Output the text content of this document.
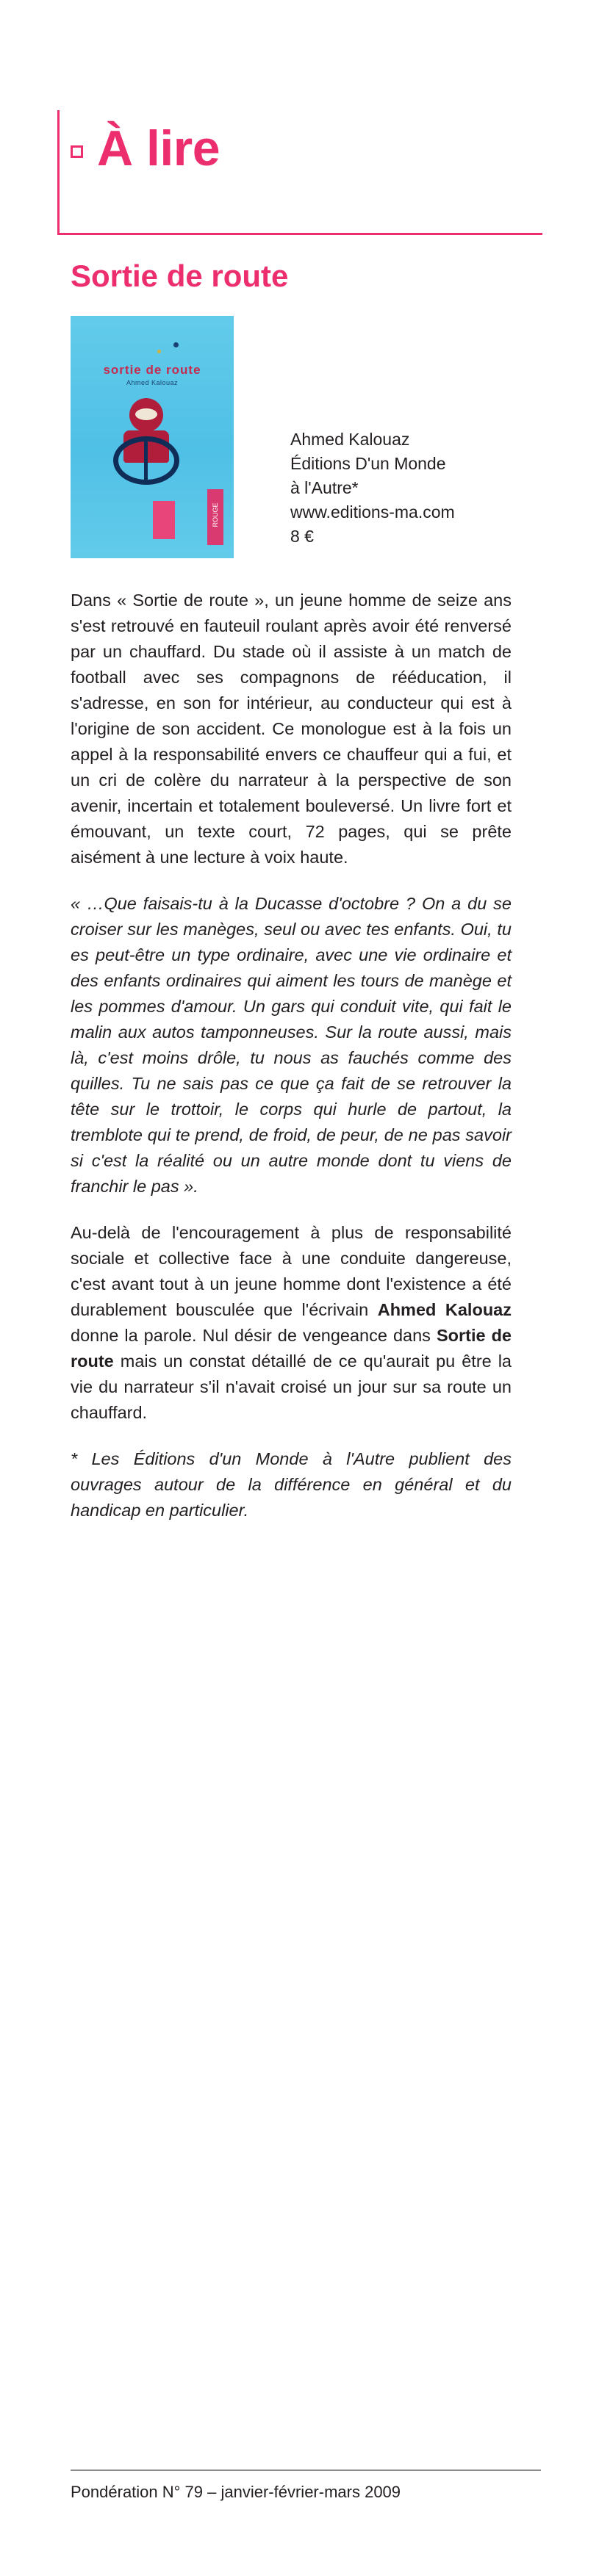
À lire
Sortie de route
sortie de route
Ahmed Kalouaz
ROUGE
Ahmed Kalouaz
Éditions D'un Monde
à l'Autre*
www.editions-ma.com
8 €

Dans « Sortie de route », un jeune homme de seize ans s'est retrouvé en fauteuil roulant après avoir été renversé par un chauffard. Du stade où il assiste à un match de football avec ses compagnons de rééducation, il s'adresse, en son for intérieur, au conducteur qui est à l'origine de son accident. Ce monologue est à la fois un appel à la responsabilité envers ce chauffeur qui a fui, et un cri de colère du narrateur à la perspective de son avenir, incertain et totalement bouleversé. Un livre fort et émouvant, un texte court, 72 pages, qui se prête aisément à une lecture à voix haute.

« …Que faisais-tu à la Ducasse d'octobre ? On a du se croiser sur les manèges, seul ou avec tes enfants. Oui, tu es peut-être un type ordinaire, avec une vie ordinaire et des enfants ordinaires qui aiment les tours de manège et les pommes d'amour. Un gars qui conduit vite, qui fait le malin aux autos tamponneuses. Sur la route aussi, mais là, c'est moins drôle, tu nous as fauchés comme des quilles. Tu ne sais pas ce que ça fait de se retrouver la tête sur le trottoir, le corps qui hurle de partout, la tremblote qui te prend, de froid, de peur, de ne pas savoir si c'est la réalité ou un autre monde dont tu viens de franchir le pas ».

Au-delà de l'encouragement à plus de responsabilité sociale et collective face à une conduite dangereuse, c'est avant tout à un jeune homme dont l'existence a été durablement bousculée que l'écrivain Ahmed Kalouaz donne la parole. Nul désir de vengeance dans Sortie de route mais un constat détaillé de ce qu'aurait pu être la vie du narrateur s'il n'avait croisé un jour sur sa route un chauffard.

* Les Éditions d'un Monde à l'Autre publient des ouvrages autour de la différence en général et du handicap en particulier.

Pondération N° 79 – janvier-février-mars 2009
